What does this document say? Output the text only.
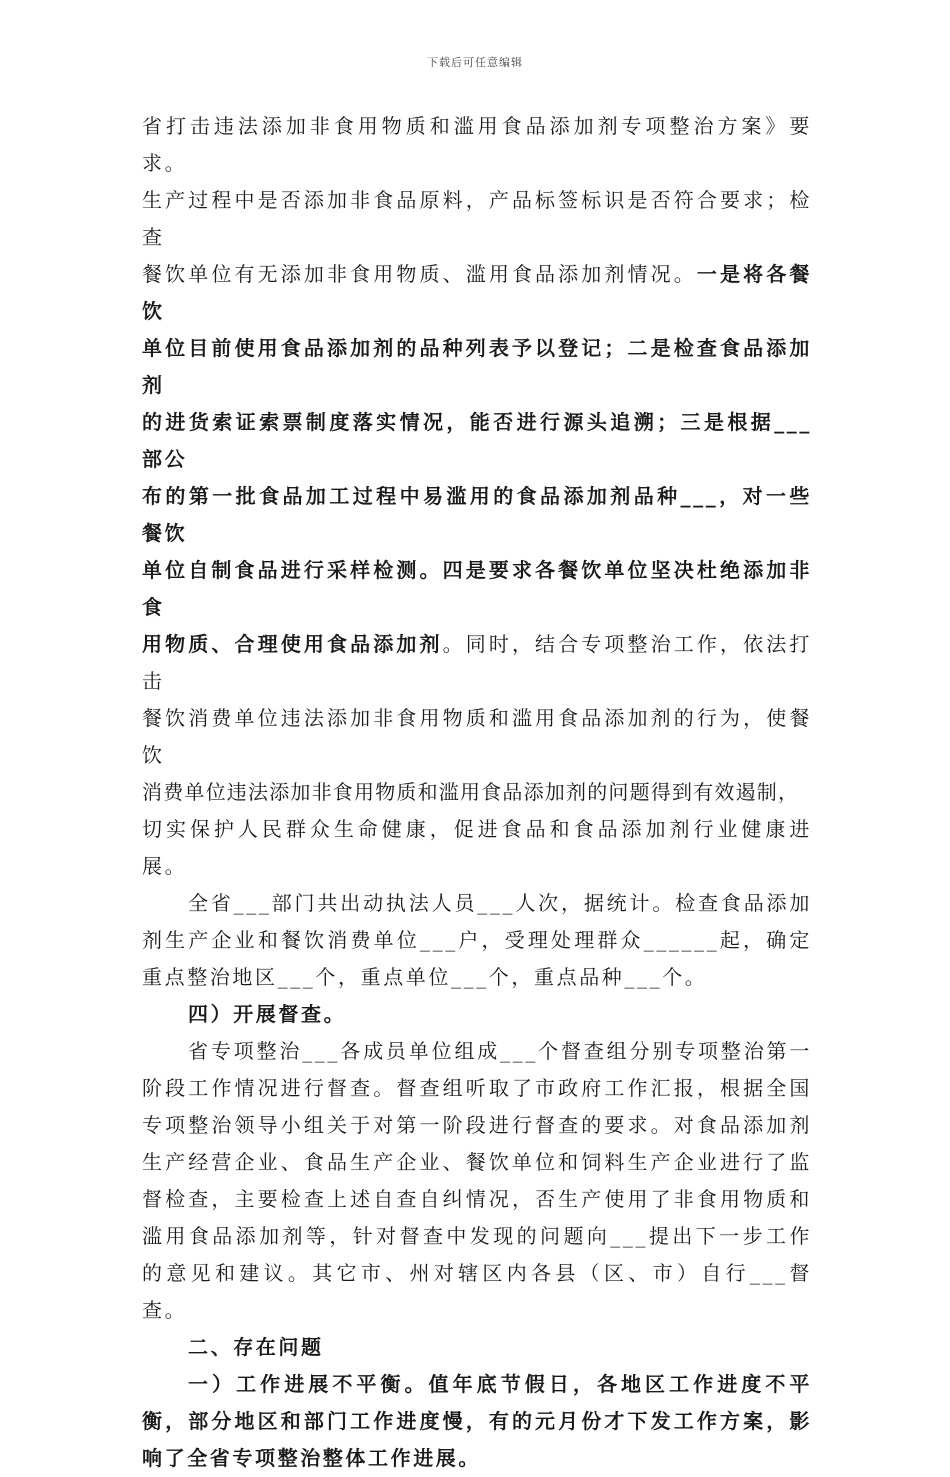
下载后可任意编辑

省打击违法添加非食用物质和滥用食品添加剂专项整治方案》要求。
生产过程中是否添加非食品原料，产品标签标识是否符合要求；检查
餐饮单位有无添加非食用物质、滥用食品添加剂情况。一是将各餐饮
单位目前使用食品添加剂的品种列表予以登记；二是检查食品添加剂
的进货索证索票制度落实情况，能否进行源头追溯；三是根据___部公
布的第一批食品加工过程中易滥用的食品添加剂品种___，对一些餐饮
单位自制食品进行采样检测。四是要求各餐饮单位坚决杜绝添加非食
用物质、合理使用食品添加剂。同时，结合专项整治工作，依法打击
餐饮消费单位违法添加非食用物质和滥用食品添加剂的行为，使餐饮
消费单位违法添加非食用物质和滥用食品添加剂的问题得到有效遏制，
切实保护人民群众生命健康，促进食品和食品添加剂行业健康进展。

全省___部门共出动执法人员___人次，据统计。检查食品添加剂生产企业和餐饮消费单位___户，受理处理群众______起，确定重点整治地区___个，重点单位___个，重点品种___个。

四）开展督查。

省专项整治___各成员单位组成___个督查组分别专项整治第一阶段工作情况进行督查。督查组听取了市政府工作汇报，根据全国专项整治领导小组关于对第一阶段进行督查的要求。对食品添加剂生产经营企业、食品生产企业、餐饮单位和饲料生产企业进行了监督检查，主要检查上述自查自纠情况，否生产使用了非食用物质和滥用食品添加剂等，针对督查中发现的问题向___提出下一步工作的意见和建议。其它市、州对辖区内各县（区、市）自行___督查。

二、存在问题

一）工作进展不平衡。值年底节假日，各地区工作进度不平衡，部分地区和部门工作进度慢，有的元月份才下发工作方案，影响了全省专项整治整体工作进展。
